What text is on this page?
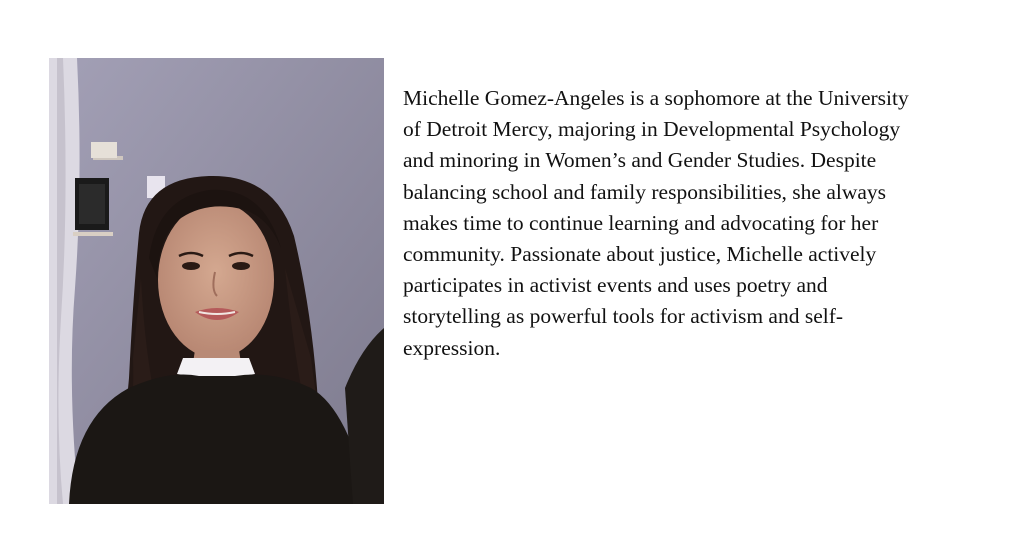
Michelle Gomez-Angeles is a sophomore at the University
of Detroit Mercy, majoring in Developmental Psychology
and minoring in Women’s and Gender Studies. Despite
balancing school and family responsibilities, she always
makes time to continue learning and advocating for her
community. Passionate about justice, Michelle actively
participates in activist events and uses poetry and
storytelling as powerful tools for activism and self-
expression.
